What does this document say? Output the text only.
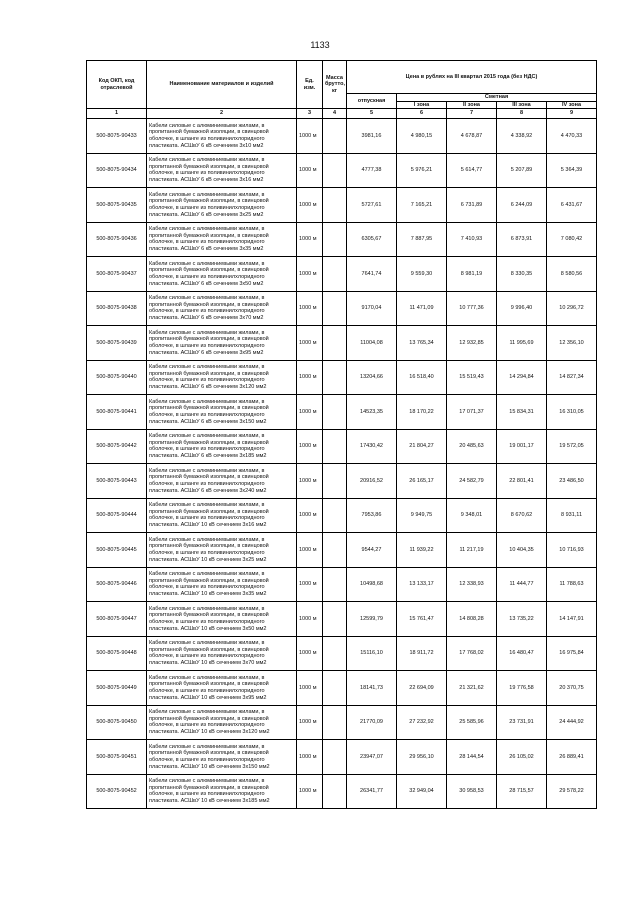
1133
Код ОКП, код отраслевой	Наименование материалов и изделий	Ед. изм.	Масса брутто, кг	Цена в рублях на III квартал 2015 года (без НДС)				
				отпускная	Сметная			
					I зона	II зона	III зона	IV зона
1	2	3	4	5	6	7	8	9
500-8075-90433	Кабели силовые с алюминиевыми жилами, в пропитанной бумажной изоляции, в свинцовой оболочке, в шланге из поливинилхлоридного пластиката. АСШвУ 6 кВ сечением 3х10 мм2	1000 м		3981,16	4 980,15	4 678,87	4 338,92	4 470,33
500-8075-90434	Кабели силовые с алюминиевыми жилами, в пропитанной бумажной изоляции, в свинцовой оболочке, в шланге из поливинилхлоридного пластиката. АСШвУ 6 кВ сечением 3х16 мм2	1000 м		4777,38	5 976,21	5 614,77	5 207,89	5 364,39
500-8075-90435	Кабели силовые с алюминиевыми жилами, в пропитанной бумажной изоляции, в свинцовой оболочке, в шланге из поливинилхлоридного пластиката. АСШвУ 6 кВ сечением 3х25 мм2	1000 м		5727,61	7 165,21	6 731,89	6 244,09	6 431,67
500-8075-90436	Кабели силовые с алюминиевыми жилами, в пропитанной бумажной изоляции, в свинцовой оболочке, в шланге из поливинилхлоридного пластиката. АСШвУ 6 кВ сечением 3х35 мм2	1000 м		6305,67	7 887,95	7 410,93	6 873,91	7 080,42
500-8075-90437	Кабели силовые с алюминиевыми жилами, в пропитанной бумажной изоляции, в свинцовой оболочке, в шланге из поливинилхлоридного пластиката. АСШвУ 6 кВ сечением 3х50 мм2	1000 м		7641,74	9 559,30	8 981,19	8 330,35	8 580,56
500-8075-90438	Кабели силовые с алюминиевыми жилами, в пропитанной бумажной изоляции, в свинцовой оболочке, в шланге из поливинилхлоридного пластиката. АСШвУ 6 кВ сечением 3х70 мм2	1000 м		9170,04	11 471,09	10 777,36	9 996,40	10 296,72
500-8075-90439	Кабели силовые с алюминиевыми жилами, в пропитанной бумажной изоляции, в свинцовой оболочке, в шланге из поливинилхлоридного пластиката. АСШвУ 6 кВ сечением 3х95 мм2	1000 м		11004,08	13 765,34	12 932,85	11 995,69	12 356,10
500-8075-90440	Кабели силовые с алюминиевыми жилами, в пропитанной бумажной изоляции, в свинцовой оболочке, в шланге из поливинилхлоридного пластиката. АСШвУ 6 кВ сечением 3х120 мм2	1000 м		13204,66	16 518,40	15 519,43	14 294,84	14 827,34
500-8075-90441	Кабели силовые с алюминиевыми жилами, в пропитанной бумажной изоляции, в свинцовой оболочке, в шланге из поливинилхлоридного пластиката. АСШвУ 6 кВ сечением 3х150 мм2	1000 м		14523,35	18 170,22	17 071,37	15 834,31	16 310,05
500-8075-90442	Кабели силовые с алюминиевыми жилами, в пропитанной бумажной изоляции, в свинцовой оболочке, в шланге из поливинилхлоридного пластиката. АСШвУ 6 кВ сечением 3х185 мм2	1000 м		17430,42	21 804,27	20 485,63	19 001,17	19 572,05
500-8075-90443	Кабели силовые с алюминиевыми жилами, в пропитанной бумажной изоляции, в свинцовой оболочке, в шланге из поливинилхлоридного пластиката. АСШвУ 6 кВ сечением 3х240 мм2	1000 м		20916,52	26 165,17	24 582,79	22 801,41	23 486,50
500-8075-90444	Кабели силовые с алюминиевыми жилами, в пропитанной бумажной изоляции, в свинцовой оболочке, в шланге из поливинилхлоридного пластиката. АСШвУ 10 кВ сечением 3х16 мм2	1000 м		7953,86	9 949,75	9 348,01	8 670,62	8 931,11
500-8075-90445	Кабели силовые с алюминиевыми жилами, в пропитанной бумажной изоляции, в свинцовой оболочке, в шланге из поливинилхлоридного пластиката. АСШвУ 10 кВ сечением 3х25 мм2	1000 м		9544,27	11 939,22	11 217,19	10 404,35	10 716,93
500-8075-90446	Кабели силовые с алюминиевыми жилами, в пропитанной бумажной изоляции, в свинцовой оболочке, в шланге из поливинилхлоридного пластиката. АСШвУ 10 кВ сечением 3х35 мм2	1000 м		10498,68	13 133,17	12 338,93	11 444,77	11 788,63
500-8075-90447	Кабели силовые с алюминиевыми жилами, в пропитанной бумажной изоляции, в свинцовой оболочке, в шланге из поливинилхлоридного пластиката. АСШвУ 10 кВ сечением 3х50 мм2	1000 м		12599,79	15 761,47	14 808,28	13 735,22	14 147,91
500-8075-90448	Кабели силовые с алюминиевыми жилами, в пропитанной бумажной изоляции, в свинцовой оболочке, в шланге из поливинилхлоридного пластиката. АСШвУ 10 кВ сечением 3х70 мм2	1000 м		15116,10	18 911,72	17 768,02	16 480,47	16 975,84
500-8075-90449	Кабели силовые с алюминиевыми жилами, в пропитанной бумажной изоляции, в свинцовой оболочке, в шланге из поливинилхлоридного пластиката. АСШвУ 10 кВ сечением 3х95 мм2	1000 м		18141,73	22 694,09	21 321,62	19 776,58	20 370,75
500-8075-90450	Кабели силовые с алюминиевыми жилами, в пропитанной бумажной изоляции, в свинцовой оболочке, в шланге из поливинилхлоридного пластиката. АСШвУ 10 кВ сечением 3х120 мм2	1000 м		21770,09	27 232,92	25 585,96	23 731,91	24 444,92
500-8075-90451	Кабели силовые с алюминиевыми жилами, в пропитанной бумажной изоляции, в свинцовой оболочке, в шланге из поливинилхлоридного пластиката. АСШвУ 10 кВ сечением 3х150 мм2	1000 м		23947,07	29 956,10	28 144,54	26 105,02	26 889,41
500-8075-90452	Кабели силовые с алюминиевыми жилами, в пропитанной бумажной изоляции, в свинцовой оболочке, в шланге из поливинилхлоридного пластиката. АСШвУ 10 кВ сечением 3х185 мм2	1000 м		26341,77	32 949,04	30 958,53	28 715,57	29 578,22
